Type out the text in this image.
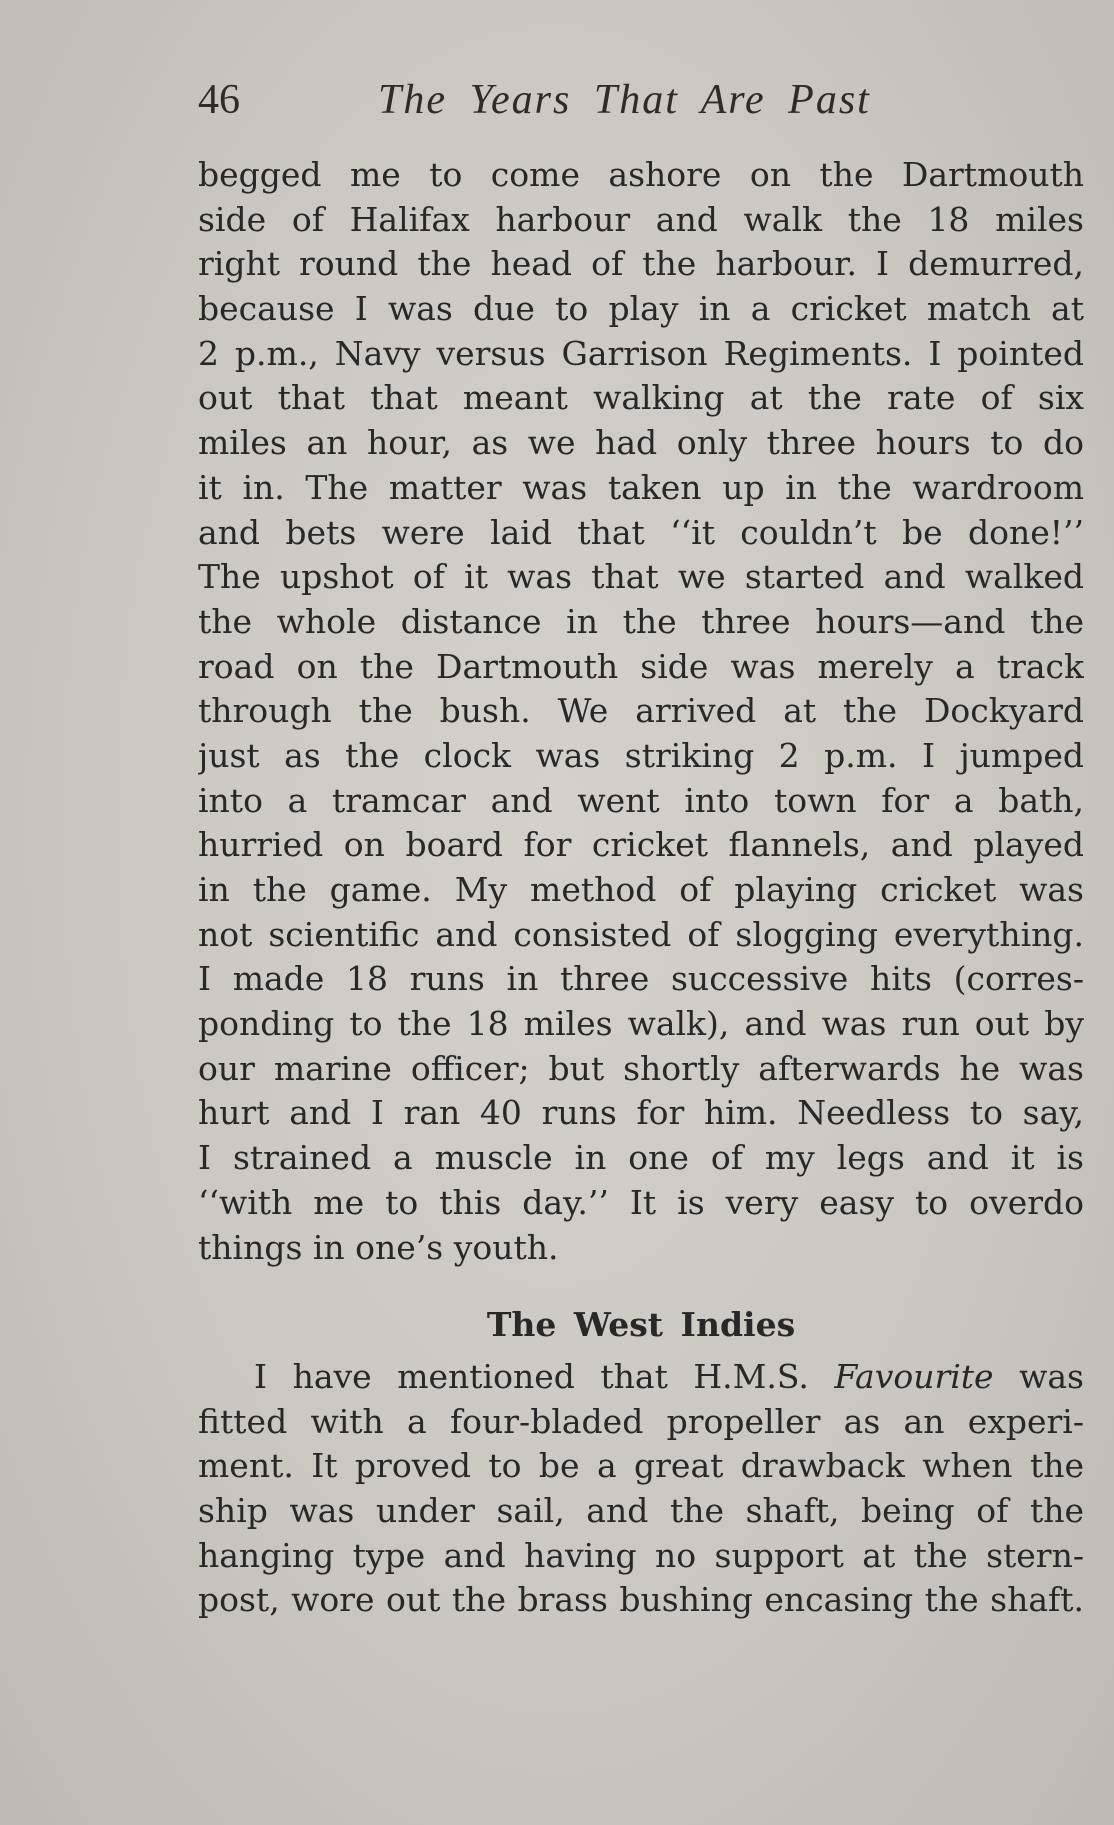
46	The Years That Are Past
begged me to come ashore on the Dartmouth
side of Halifax harbour and walk the 18 miles
right round the head of the harbour. I demurred,
because I was due to play in a cricket match at
2 p.m., Navy versus Garrison Regiments. I pointed
out that that meant walking at the rate of six
miles an hour, as we had only three hours to do
it in. The matter was taken up in the wardroom
and bets were laid that ‘‘it couldn’t be done!’’
The upshot of it was that we started and walked
the whole distance in the three hours—and the
road on the Dartmouth side was merely a track
through the bush. We arrived at the Dockyard
just as the clock was striking 2 p.m. I jumped
into a tramcar and went into town for a bath,
hurried on board for cricket flannels, and played
in the game. My method of playing cricket was
not scientific and consisted of slogging everything.
I made 18 runs in three successive hits (corres-
ponding to the 18 miles walk), and was run out by
our marine officer; but shortly afterwards he was
hurt and I ran 40 runs for him. Needless to say,
I strained a muscle in one of my legs and it is
‘‘with me to this day.’’ It is very easy to overdo
things in one’s youth.
The West Indies
I have mentioned that H.M.S. Favourite was
fitted with a four-bladed propeller as an experi-
ment. It proved to be a great drawback when the
ship was under sail, and the shaft, being of the
hanging type and having no support at the stern-
post, wore out the brass bushing encasing the shaft.
